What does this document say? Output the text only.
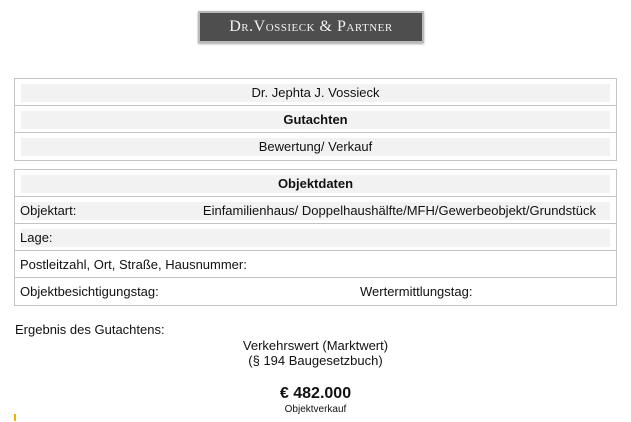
Dr.Vossieck & Partner
Dr. Jephta J. Vossieck
Gutachten
Bewertung/ Verkauf
Objektdaten
Objektart:	Einfamilienhaus/ Doppelhaushälfte/MFH/Gewerbeobjekt/Grundstück
Lage:
Postleitzahl, Ort, Straße, Hausnummer:
Objektbesichtigungstag:	Wertermittlungstag:
Ergebnis des Gutachtens:
Verkehrswert (Marktwert)
(§ 194 Baugesetzbuch)
€ 482.000
Objektverkauf
